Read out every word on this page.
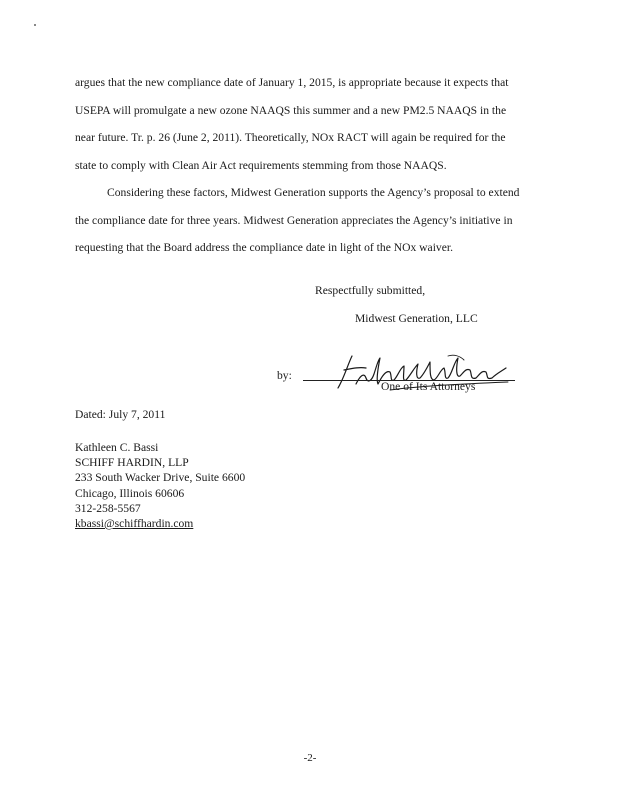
argues that the new compliance date of January 1, 2015, is appropriate because it expects that
USEPA will promulgate a new ozone NAAQS this summer and a new PM2.5 NAAQS in the
near future. Tr. p. 26 (June 2, 2011). Theoretically, NOx RACT will again be required for the
state to comply with Clean Air Act requirements stemming from those NAAQS.

Considering these factors, Midwest Generation supports the Agency’s proposal to extend
the compliance date for three years. Midwest Generation appreciates the Agency’s initiative in
requesting that the Board address the compliance date in light of the NOx waiver.

Respectfully submitted,
Midwest Generation, LLC
by:
One of Its Attorneys
Dated: July 7, 2011
Kathleen C. Bassi
SCHIFF HARDIN, LLP
233 South Wacker Drive, Suite 6600
Chicago, Illinois 60606
312-258-5567
kbassi@schiffhardin.com
-2-
